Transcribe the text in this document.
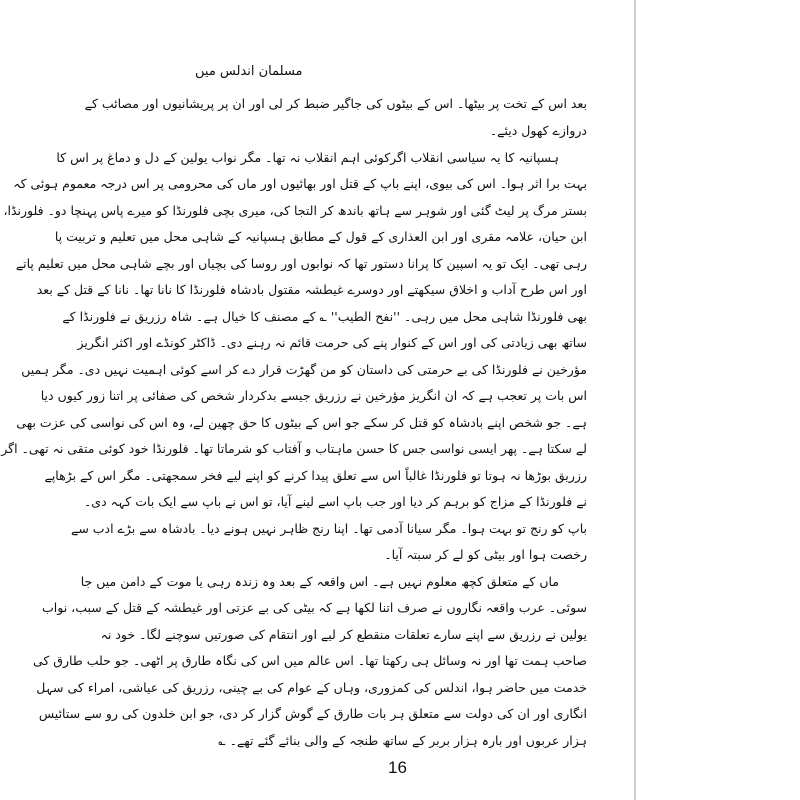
مسلمان اندلس میں
بعد اس کے تخت پر بیٹھا۔ اس کے بیٹوں کی جاگیر ضبط کر لی اور ان پر پریشانیوں اور مصائب کے
دروازے کھول دیئے۔
ہسپانیہ کا یہ سیاسی انقلاب اگرکوئی اہم انقلاب نہ تھا۔ مگر نواب یولین کے دل و دماغ پر اس کا
بہت برا اثر ہوا۔ اس کی بیوی، اپنے باپ کے قتل اور بھائیوں اور ماں کی محرومی پر اس درجہ معموم ہوئی کہ
بستر مرگ پر لیٹ گئی اور شوہر سے ہاتھ باندھ کر التجا کی، میری بچی فلورنڈا کو میرے پاس پہنچا دو۔ فلورنڈا،
ابن حیان، علامہ مقری اور ابن العذاری کے قول کے مطابق ہسپانیہ کے شاہی محل میں تعلیم و تربیت پا
رہی تھی۔ ایک تو یہ اسپین کا پرانا دستور تھا کہ نوابوں اور روسا کی بچیاں اور بچے شاہی محل میں تعلیم پاتے
اور اس طرح آداب و اخلاق سیکھتے اور دوسرے غیطشہ مقتول بادشاہ فلورنڈا کا نانا تھا۔ نانا کے قتل کے بعد
بھی فلورنڈا شاہی محل میں رہی۔ ''نفح الطیب'' ؎ کے مصنف کا خیال ہے۔ شاہ رزریق نے فلورنڈا کے
ساتھ بھی زیادتی کی اور اس کے کنوار پنے کی حرمت قائم نہ رہنے دی۔ ڈاکٹر کونڈے اور اکثر انگریز
مؤرخین نے فلورنڈا کی بے حرمتی کی داستان کو من گھڑت قرار دے کر اسے کوئی اہمیت نہیں دی۔ مگر ہمیں
اس بات پر تعجب ہے کہ ان انگریز مؤرخین نے رزریق جیسے بدکردار شخص کی صفائی پر اتنا زور کیوں دیا
ہے۔ جو شخص اپنے بادشاہ کو قتل کر سکے جو اس کے بیٹوں کا حق چھین لے، وہ اس کی نواسی کی عزت بھی
لے سکتا ہے۔ پھر ایسی نواسی جس کا حسن ماہتاب و آفتاب کو شرماتا تھا۔ فلورنڈا خود کوئی متقی نہ تھی۔ اگر
رزریق بوڑھا نہ ہوتا تو فلورنڈا غالباً اس سے تعلق پیدا کرنے کو اپنے لیے فخر سمجھتی۔ مگر اس کے بڑھاپے
نے فلورنڈا کے مزاج کو برہم کر دیا اور جب باپ اسے لینے آیا، تو اس نے باپ سے ایک بات کہہ دی۔
باپ کو رنج تو بہت ہوا۔ مگر سیانا آدمی تھا۔ اپنا رنج ظاہر نہیں ہونے دیا۔ بادشاہ سے بڑے ادب سے
رخصت ہوا اور بیٹی کو لے کر سبتہ آیا۔
ماں کے متعلق کچھ معلوم نہیں ہے۔ اس واقعہ کے بعد وہ زندہ رہی یا موت کے دامن میں جا
سوئی۔ عرب واقعہ نگاروں نے صرف اتنا لکھا ہے کہ بیٹی کی بے عزتی اور غیطشہ کے قتل کے سبب، نواب
یولین نے رزریق سے اپنے سارے تعلقات منقطع کر لیے اور انتقام کی صورتیں سوچنے لگا۔ خود نہ
صاحب ہمت تھا اور نہ وسائل ہی رکھتا تھا۔ اس عالم میں اس کی نگاہ طارق پر اٹھی۔ جو حلب طارق کی
خدمت میں حاضر ہوا، اندلس کی کمزوری، وہاں کے عوام کی بے چینی، رزریق کی عیاشی، امراء کی سہل
انگاری اور ان کی دولت سے متعلق ہر بات طارق کے گوش گزار کر دی، جو ابن خلدون کی رو سے ستائیس
ہزار عربوں اور بارہ ہزار بربر کے ساتھ طنجہ کے والی بنائے گئے تھے۔ ؎
16
